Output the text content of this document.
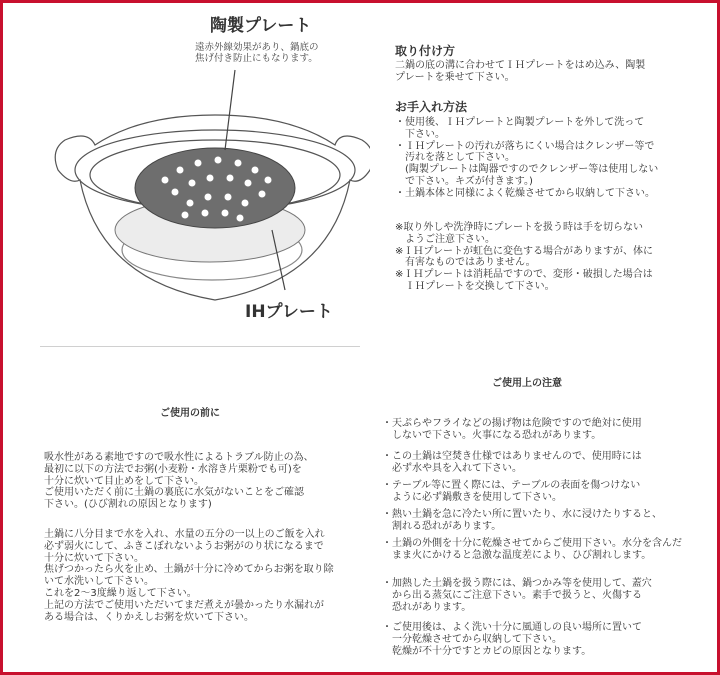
陶製プレート
遠赤外線効果があり、鍋底の
焦げ付き防止にもなります。
IHプレート
取り付け方
二鍋の底の溝に合わせてＩＨプレートをはめ込み、陶製
プレートを乗せて下さい。
お手入れ方法
・使用後、ＩＨプレートと陶製プレートを外して洗って
　下さい。
・ＩＨプレートの汚れが落ちにくい場合はクレンザー等で
　汚れを落として下さい。
　(陶製プレートは陶器ですのでクレンザー等は使用しない
　で下さい。キズが付きます。)
・土鍋本体と同様によく乾燥させてから収納して下さい。
※取り外しや洗浄時にプレートを扱う時は手を切らない
　ようご注意下さい。
※ＩＨプレートが虹色に変色する場合がありますが、体に
　有害なものではありません。
※ＩＨプレートは消耗品ですので、変形・破損した場合は
　ＩＨプレートを交換して下さい。
ご使用の前に
吸水性がある素地ですので吸水性によるトラブル防止の為、
最初に以下の方法でお粥(小麦粉・水溶き片栗粉でも可)を
十分に炊いて目止めをして下さい。
ご使用いただく前に土鍋の裏底に水気がないことをご確認
下さい。(ひび割れの原因となります)
土鍋に八分目まで水を入れ、水量の五分の一以上のご飯を入れ
必ず弱火にして、ふきこぼれないようお粥がのり状になるまで
十分に炊いて下さい。
焦げつかったら火を止め、土鍋が十分に冷めてからお粥を取り除
いて水洗いして下さい。
これを2～3度繰り返して下さい。
上記の方法でご使用いただいてまだ煮えが曇かったり水漏れが
ある場合は、くりかえしお粥を炊いて下さい。
ご使用上の注意
・天ぷらやフライなどの揚げ物は危険ですので絶対に使用
　しないで下さい。火事になる恐れがあります。
・この土鍋は空焚き仕様ではありませんので、使用時には
　必ず水や具を入れて下さい。
・テーブル等に置く際には、テーブルの表面を傷つけない
　ように必ず鍋敷きを使用して下さい。
・熱い土鍋を急に冷たい所に置いたり、水に浸けたりすると、
　割れる恐れがあります。
・土鍋の外側を十分に乾燥させてからご使用下さい。水分を含んだ
　まま火にかけると急激な温度差により、ひび割れします。
・加熱した土鍋を扱う際には、鍋つかみ等を使用して、蓋穴
　から出る蒸気にご注意下さい。素手で扱うと、火傷する
　恐れがあります。
・ご使用後は、よく洗い十分に風通しの良い場所に置いて
　一分乾燥させてから収納して下さい。
　乾燥が不十分ですとカビの原因となります。
